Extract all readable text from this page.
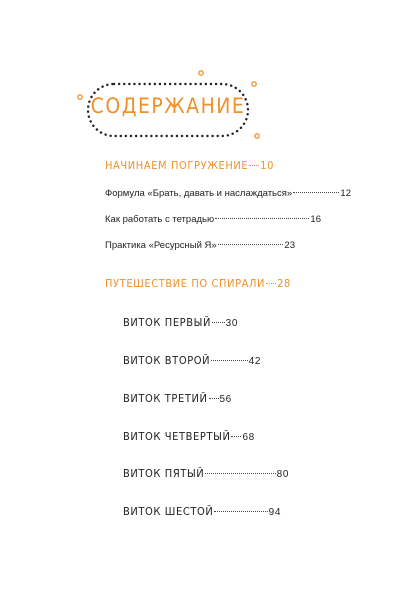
СОДЕРЖАНИЕ
НАЧИНАЕМ ПОГРУЖЕНИЕ 10
Формула «Брать, давать и наслаждаться»	12
Как работать с тетрадью	16
Практика «Ресурсный Я»	23
ПУТЕШЕСТВИЕ ПО СПИРАЛИ 28
ВИТОК ПЕРВЫЙ 30
ВИТОК ВТОРОЙ	42
ВИТОК ТРЕТИЙ 56
ВИТОК ЧЕТВЕРТЫЙ 68
ВИТОК ПЯТЫЙ	80
ВИТОК ШЕСТОЙ	94
